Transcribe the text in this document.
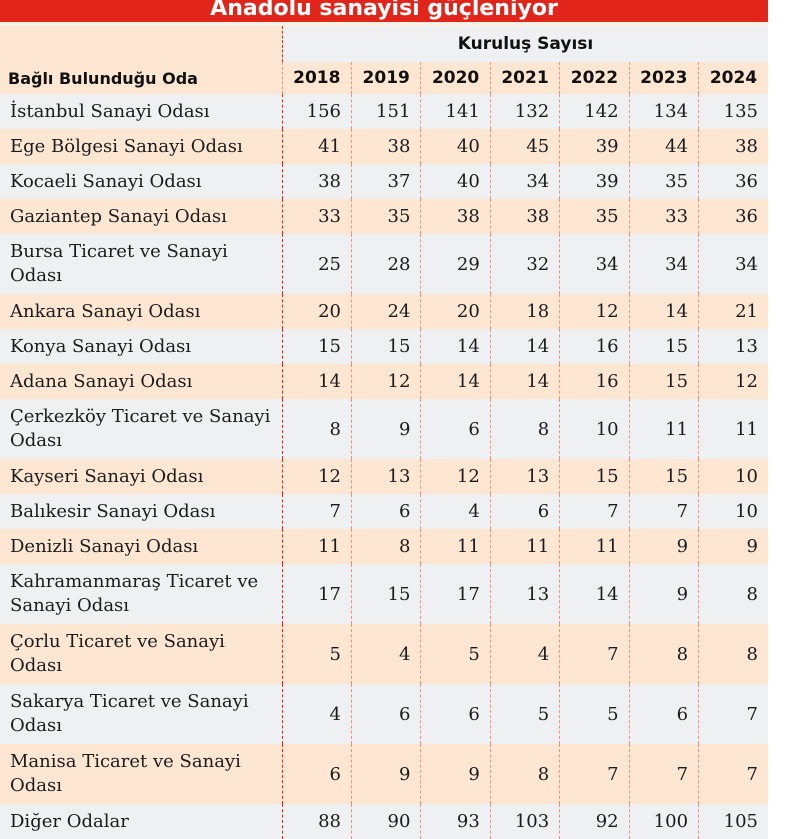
Anadolu sanayisi güçleniyor
Kuruluş Sayısı
Bağlı Bulunduğu Oda	2018	2019	2020	2021	2022	2023	2024
İstanbul Sanayi Odası	156	151	141	132	142	134	135
Ege Bölgesi Sanayi Odası	41	38	40	45	39	44	38
Kocaeli Sanayi Odası	38	37	40	34	39	35	36
Gaziantep Sanayi Odası	33	35	38	38	35	33	36
Bursa Ticaret ve Sanayi Odası	25	28	29	32	34	34	34
Ankara Sanayi Odası	20	24	20	18	12	14	21
Konya Sanayi Odası	15	15	14	14	16	15	13
Adana Sanayi Odası	14	12	14	14	16	15	12
Çerkezköy Ticaret ve Sanayi Odası	8	9	6	8	10	11	11
Kayseri Sanayi Odası	12	13	12	13	15	15	10
Balıkesir Sanayi Odası	7	6	4	6	7	7	10
Denizli Sanayi Odası	11	8	11	11	11	9	9
Kahramanmaraş Ticaret ve Sanayi Odası	17	15	17	13	14	9	8
Çorlu Ticaret ve Sanayi Odası	5	4	5	4	7	8	8
Sakarya Ticaret ve Sanayi Odası	4	6	6	5	5	6	7
Manisa Ticaret ve Sanayi Odası	6	9	9	8	7	7	7
Diğer Odalar	88	90	93	103	92	100	105
